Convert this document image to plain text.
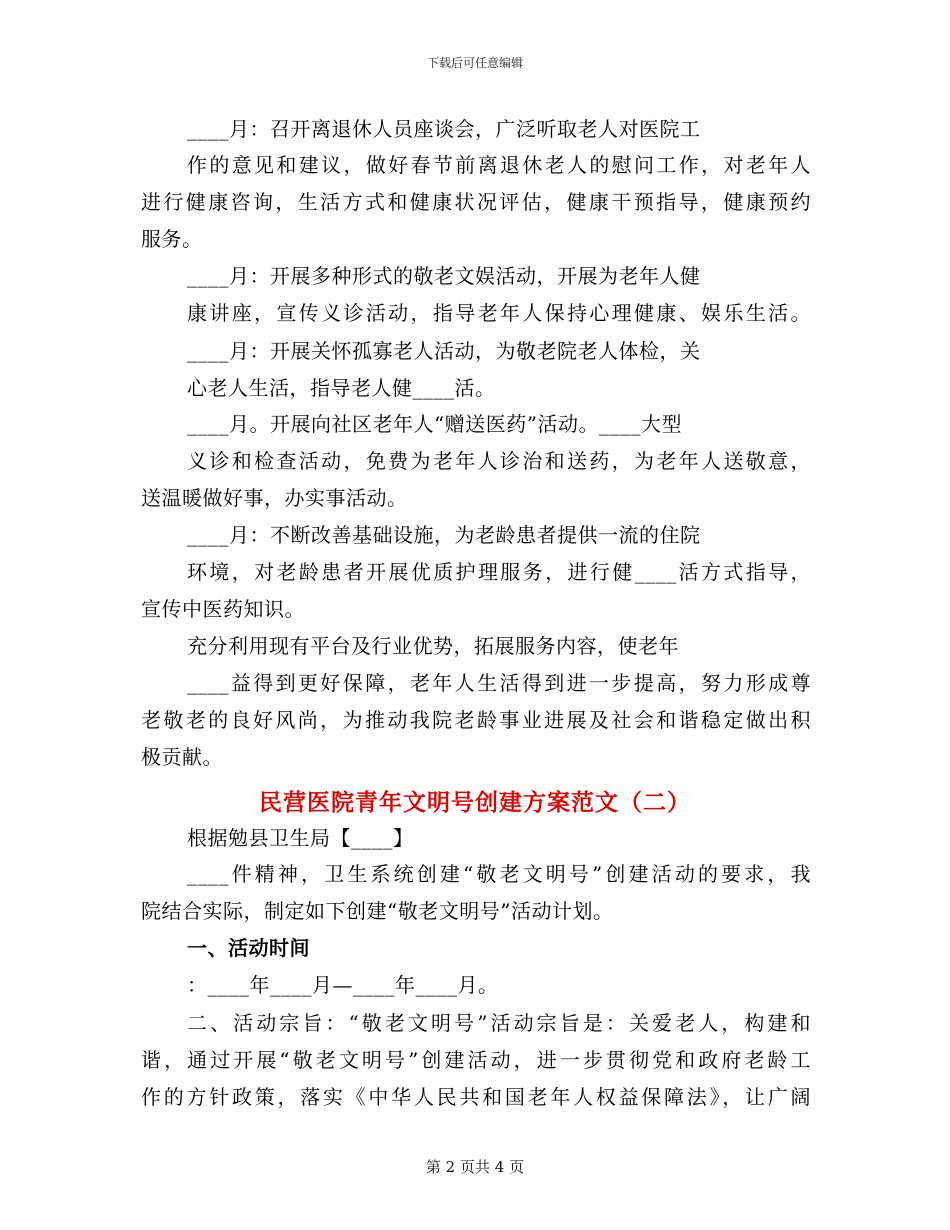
下载后可任意编辑
____月：召开离退休人员座谈会，广泛听取老人对医院工
作的意见和建议，做好春节前离退休老人的慰问工作，对老年人
进行健康咨询，生活方式和健康状况评估，健康干预指导，健康预约
服务。
____月：开展多种形式的敬老文娱活动，开展为老年人健
康讲座，宣传义诊活动，指导老年人保持心理健康、娱乐生活。
____月：开展关怀孤寡老人活动，为敬老院老人体检，关
心老人生活，指导老人健____活。
____月。开展向社区老年人“赠送医药”活动。____大型
义诊和检查活动，免费为老年人诊治和送药，为老年人送敬意，
送温暖做好事，办实事活动。
____月：不断改善基础设施，为老龄患者提供一流的住院
环境，对老龄患者开展优质护理服务，进行健____活方式指导，
宣传中医药知识。
充分利用现有平台及行业优势，拓展服务内容，使老年
____益得到更好保障，老年人生活得到进一步提高，努力形成尊
老敬老的良好风尚，为推动我院老龄事业进展及社会和谐稳定做出积
极贡献。
民营医院青年文明号创建方案范文（二）
根据勉县卫生局【____】
____件精神，卫生系统创建“敬老文明号”创建活动的要求，我
院结合实际，制定如下创建“敬老文明号”活动计划。
一、活动时间
：____年____月—____年____月。
二、活动宗旨：“敬老文明号”活动宗旨是：关爱老人，构建和
谐，通过开展“敬老文明号”创建活动，进一步贯彻党和政府老龄工
作的方针政策，落实《中华人民共和国老年人权益保障法》，让广阔
第 2 页共 4 页
